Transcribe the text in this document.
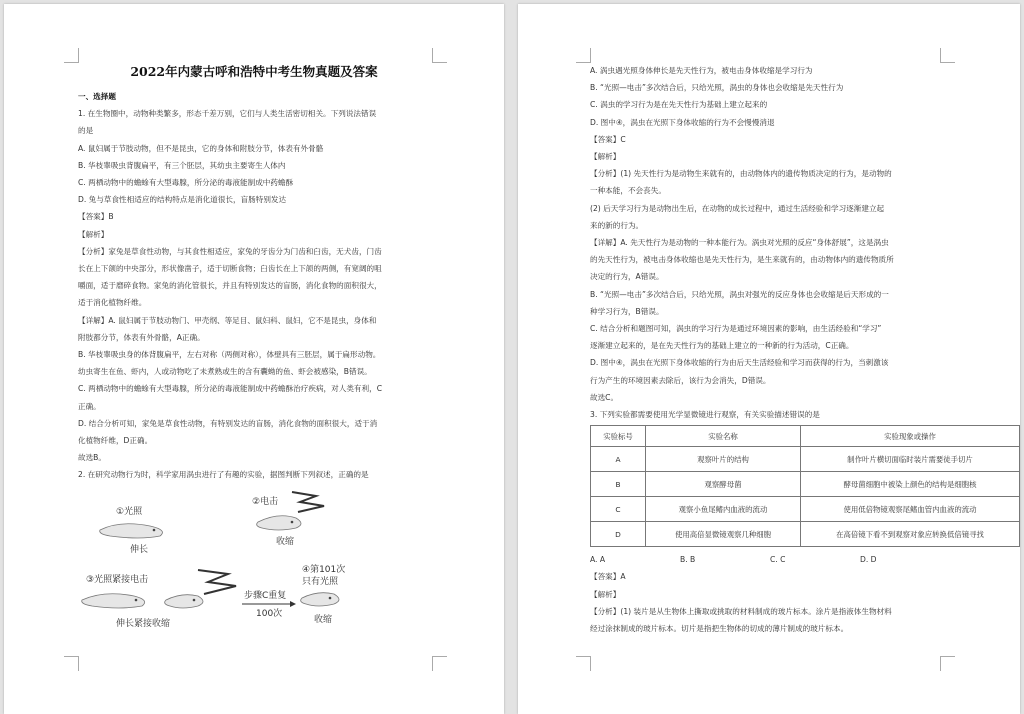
2022年内蒙古呼和浩特中考生物真题及答案
一、选择题
1. 在生物圈中，动物种类繁多，形态千差万别，它们与人类生活密切相关。下列说法错误
的是
A. 鼠妇属于节肢动物，但不是昆虫，它的身体和附肢分节，体表有外骨骼
B. 华枝睾吸虫背腹扁平，有三个胚层，其幼虫主要寄生人体内
C. 两栖动物中的蟾蜍有大型毒腺，所分泌的毒液能制成中药蟾酥
D. 兔与草食性相适应的结构特点是消化道很长，盲肠特别发达
【答案】B
【解析】
【分析】家兔是草食性动物，与其食性相适应，家兔的牙齿分为门齿和臼齿，无犬齿，门齿
长在上下颌的中央部分，形状像凿子，适于切断食物；臼齿长在上下颌的两侧，有宽阔的咀
嚼面，适于磨碎食物。家兔的消化管很长，并且有特别发达的盲肠，消化食物的面积很大，
适于消化植物纤维。
【详解】A. 鼠妇属于节肢动物门、甲壳纲、等足目、鼠妇科、鼠妇，它不是昆虫，身体和
附肢都分节，体表有外骨骼，A正确。
B. 华枝睾吸虫身的体背腹扁平，左右对称（两侧对称），体壁具有三胚层，属于扁形动物。
幼虫寄生在鱼、虾内，人或动物吃了未煮熟或生的含有囊蚴的鱼、虾会被感染，B错误。
C. 两栖动物中的蟾蜍有大型毒腺，所分泌的毒液能制成中药蟾酥治疗疾病，对人类有利，C
正确。
D. 结合分析可知，家兔是草食性动物，有特别发达的盲肠，消化食物的面积很大，适于消
化植物纤维，D正确。
故选B。
2. 在研究动物行为时，科学家用涡虫进行了有趣的实验，据图判断下列叙述，正确的是
①光照
伸长
②电击
收缩
③光照紧接电击
伸长紧接收缩
步骤C重复
100次
④第101次
只有光照
收缩
A. 涡虫遇光照身体伸长是先天性行为，被电击身体收缩是学习行为
B. “光照—电击”多次结合后，只给光照，涡虫的身体也会收缩是先天性行为
C. 涡虫的学习行为是在先天性行为基础上建立起来的
D. 图中④，涡虫在光照下身体收缩的行为不会慢慢消退
【答案】C
【解析】
【分析】(1) 先天性行为是动物生来就有的，由动物体内的遗传物质决定的行为，是动物的
一种本能，不会丧失。
(2) 后天学习行为是动物出生后，在动物的成长过程中，通过生活经验和学习逐渐建立起
来的新的行为。
【详解】A. 先天性行为是动物的一种本能行为。涡虫对光照的反应“身体舒展”，这是涡虫
的先天性行为，被电击身体收缩也是先天性行为，是生来就有的，由动物体内的遗传物质所
决定的行为，A错误。
B. “光照—电击”多次结合后，只给光照，涡虫对强光的反应身体也会收缩是后天形成的一
种学习行为，B错误。
C. 结合分析和题图可知，涡虫的学习行为是通过环境因素的影响，由生活经验和“学习”
逐渐建立起来的，是在先天性行为的基础上建立的一种新的行为活动，C正确。
D. 图中④，涡虫在光照下身体收缩的行为由后天生活经验和学习而获得的行为，当刺激该
行为产生的环境因素去除后，该行为会消失，D错误。
故选C。
3. 下列实验都需要使用光学显微镜进行观察，有关实验描述错误的是
实验标号	实验名称	实验现象或操作
A	观察叶片的结构	制作叶片横切面临时装片需要徒手切片
B	观察酵母菌	酵母菌细胞中被染上颜色的结构是细胞核
C	观察小鱼尾鳍内血液的流动	使用低倍物镜观察尾鳍血管内血液的流动
D	使用高倍显微镜观察几种细胞	在高倍镜下看不到观察对象应转换低倍镜寻找
A. A	B. B	C. C	D. D
【答案】A
【解析】
【分析】(1) 装片是从生物体上撕取或挑取的材料制成的玻片标本。涂片是指液体生物材料
经过涂抹制成的玻片标本。切片是指把生物体的切成的薄片制成的玻片标本。
